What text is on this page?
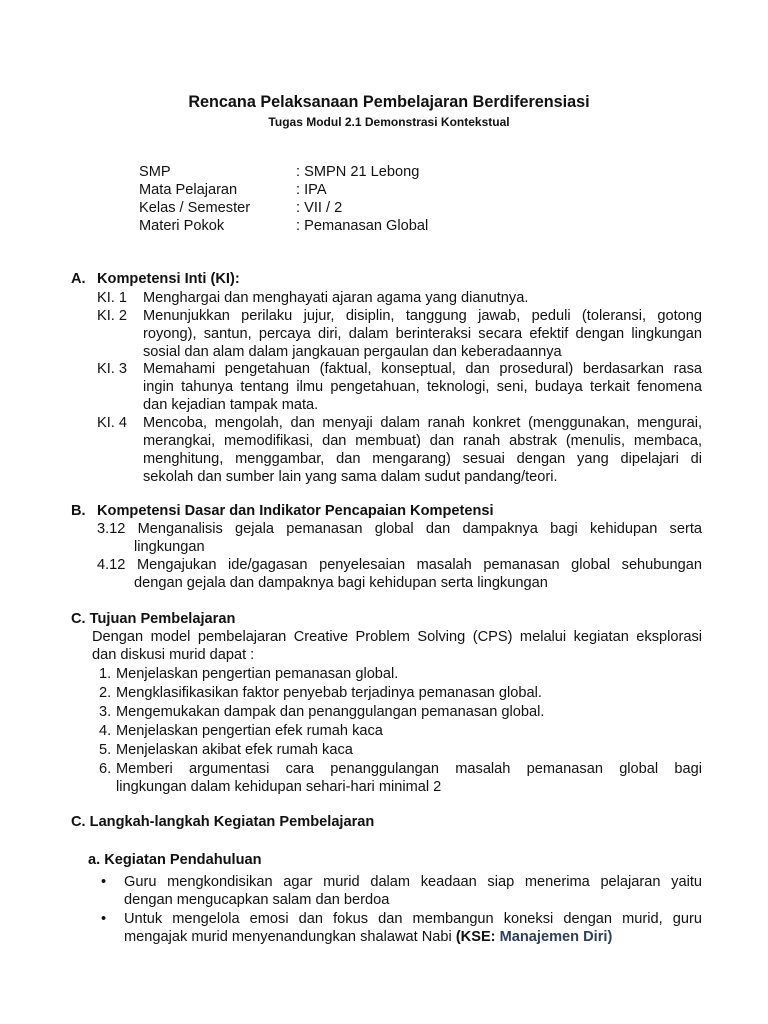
Rencana Pelaksanaan Pembelajaran Berdiferensiasi
Tugas Modul 2.1 Demonstrasi Kontekstual
SMP	: SMPN 21 Lebong
Mata Pelajaran	: IPA
Kelas / Semester	: VII / 2
Materi Pokok	: Pemanasan Global
A. Kompetensi Inti (KI):
KI. 1 Menghargai dan menghayati ajaran agama yang dianutnya.
KI. 2 Menunjukkan perilaku jujur, disiplin, tanggung jawab, peduli (toleransi, gotong
royong), santun, percaya diri, dalam berinteraksi secara efektif dengan lingkungan
sosial dan alam dalam jangkauan pergaulan dan keberadaannya
KI. 3 Memahami pengetahuan (faktual, konseptual, dan prosedural) berdasarkan rasa
ingin tahunya tentang ilmu pengetahuan, teknologi, seni, budaya terkait fenomena
dan kejadian tampak mata.
KI. 4 Mencoba, mengolah, dan menyaji dalam ranah konkret (menggunakan, mengurai,
merangkai, memodifikasi, dan membuat) dan ranah abstrak (menulis, membaca,
menghitung, menggambar, dan mengarang) sesuai dengan yang dipelajari di
sekolah dan sumber lain yang sama dalam sudut pandang/teori.
B. Kompetensi Dasar dan Indikator Pencapaian Kompetensi
3.12 Menganalisis gejala pemanasan global dan dampaknya bagi kehidupan serta
lingkungan
4.12 Mengajukan ide/gagasan penyelesaian masalah pemanasan global sehubungan
dengan gejala dan dampaknya bagi kehidupan serta lingkungan
C. Tujuan Pembelajaran
Dengan model pembelajaran Creative Problem Solving (CPS) melalui kegiatan eksplorasi
dan diskusi murid dapat :
1. Menjelaskan pengertian pemanasan global.
2. Mengklasifikasikan faktor penyebab terjadinya pemanasan global.
3. Mengemukakan dampak dan penanggulangan pemanasan global.
4. Menjelaskan pengertian efek rumah kaca
5. Menjelaskan akibat efek rumah kaca
6. Memberi argumentasi cara penanggulangan masalah pemanasan global bagi
lingkungan dalam kehidupan sehari-hari minimal 2
C. Langkah-langkah Kegiatan Pembelajaran
a. Kegiatan Pendahuluan
• Guru mengkondisikan agar murid dalam keadaan siap menerima pelajaran yaitu
dengan mengucapkan salam dan berdoa
• Untuk mengelola emosi dan fokus dan membangun koneksi dengan murid, guru
mengajak murid menyenandungkan shalawat Nabi (KSE: Manajemen Diri)
